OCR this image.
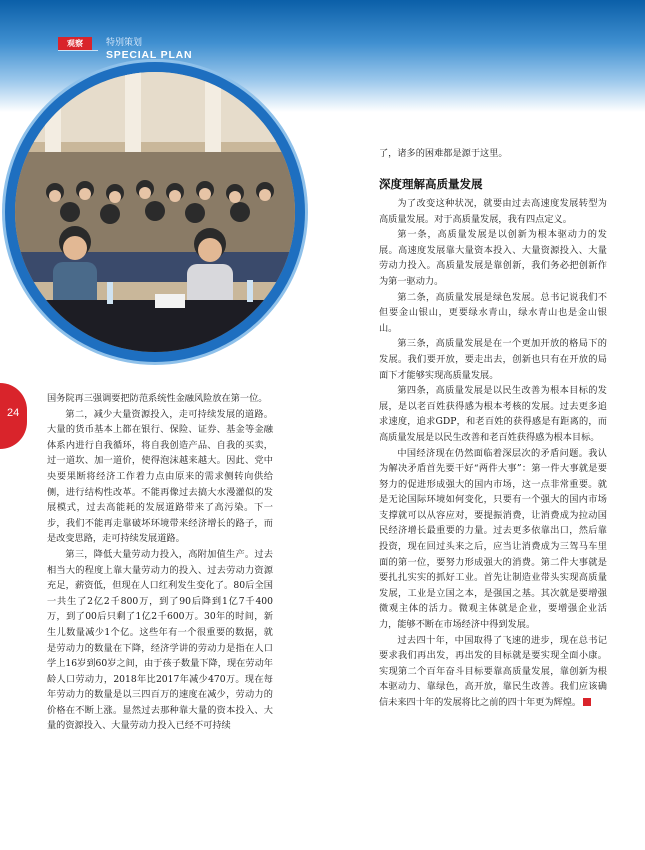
观察	特别策划
SPECIAL PLAN
24

国务院再三强调要把防范系统性金融风险放在第一位。

第二，减少大量资源投入，走可持续发展的道路。大量的货币基本上都在银行、保险、证券、基金等金融体系内进行自我循环，将自我创造产品、自我的买卖，过一道坎、加一道价，使得泡沫越来越大。因此、党中央要果断将经济工作着力点由原来的需求侧转向供给侧，进行结构性改革。不能再像过去搞大水漫灌似的发展模式，过去高能耗的发展道路带来了高污染。下一步，我们不能再走靠破坏环境带来经济增长的路子，而是改变思路，走可持续发展道路。

第三，降低大量劳动力投入，高附加值生产。过去相当大的程度上靠大量劳动力的投入、过去劳动力资源充足，薪资低，但现在人口红利发生变化了。80后全国一共生了2亿2千800万，到了90后降到1亿7千400万，到了00后只剩了1亿2千600万。30年的时间，新生儿数量减少1个亿。这些年有一个很重要的数据，就是劳动力的数量在下降，经济学讲的劳动力是指在人口学上16岁到60岁之间，由于孩子数量下降，现在劳动年龄人口劳动力，2018年比2017年减少470万。现在每年劳动力的数量是以三四百万的速度在减少，劳动力的价格在不断上涨。显然过去那种靠大量的资本投入、大量的资源投入、大量劳动力投入已经不可持续

了，诸多的困难都是源于这里。

深度理解高质量发展

为了改变这种状况，就要由过去高速度发展转型为高质量发展。对于高质量发展，我有四点定义。

第一条，高质量发展是以创新为根本驱动力的发展。高速度发展靠大量资本投入、大量资源投入、大量劳动力投入。高质量发展是靠创新，我们务必把创新作为第一驱动力。

第二条，高质量发展是绿色发展。总书记说我们不但要金山银山，更要绿水青山，绿水青山也是金山银山。

第三条，高质量发展是在一个更加开放的格局下的发展。我们要开放，要走出去，创新也只有在开放的局面下才能够实现高质量发展。

第四条，高质量发展是以民生改善为根本目标的发展，是以老百姓获得感为根本考核的发展。过去更多追求速度，追求GDP，和老百姓的获得感是有距离的，而高质量发展是以民生改善和老百姓获得感为根本目标。

中国经济现在仍然面临着深层次的矛盾问题。我认为解决矛盾首先要干好“两件大事”：第一件大事就是要努力的促进形成强大的国内市场，这一点非常重要。就是无论国际环境如何变化，只要有一个强大的国内市场支撑就可以从容应对，要提振消费，让消费成为拉动国民经济增长最重要的力量。过去更多依靠出口，然后靠投资，现在回过头来之后，应当让消费成为三驾马车里面的第一位，要努力形成强大的消费。第二件大事就是要扎扎实实的抓好工业。首先让制造业带头实现高质量发展，工业是立国之本，是强国之基。其次就是要增强微观主体的活力。微观主体就是企业，要增强企业活力，能够不断在市场经济中得到发展。

过去四十年，中国取得了飞速的进步，现在总书记要求我们再出发，再出发的目标就是要实现全面小康。实现第二个百年奋斗目标要靠高质量发展，靠创新为根本驱动力、靠绿色，高开放，靠民生改善。我们应该确信未来四十年的发展将比之前的四十年更为辉煌。
